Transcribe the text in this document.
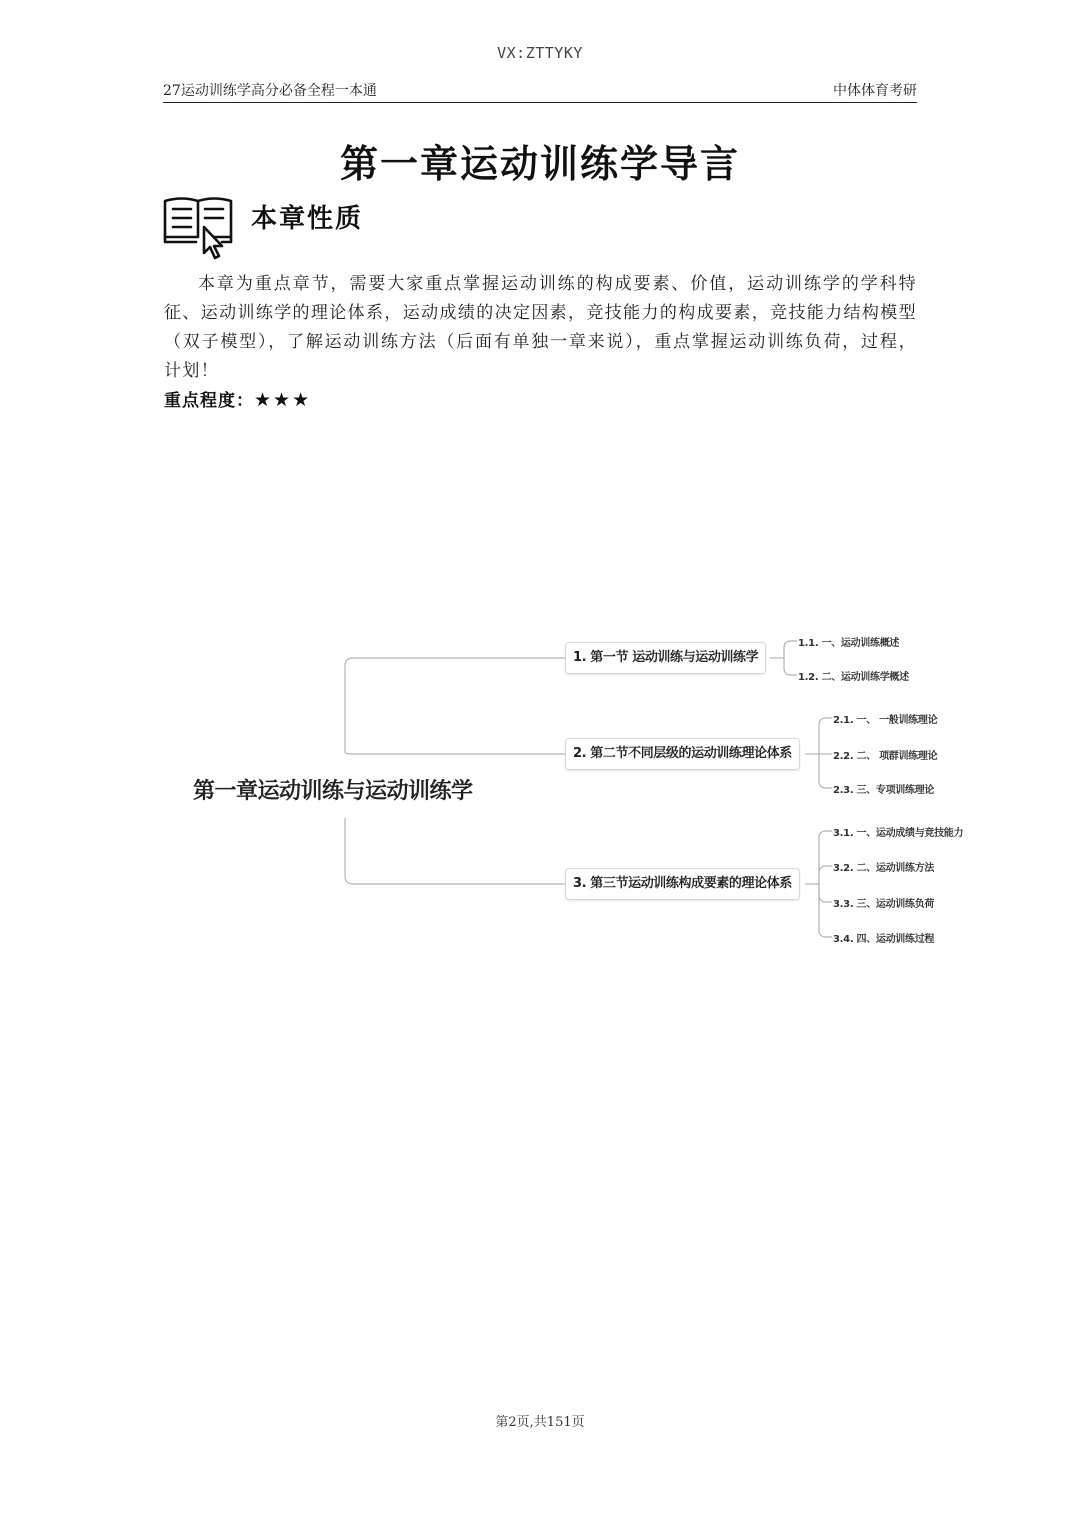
VX:ZTTYKY
27运动训练学高分必备全程一本通	中体体育考研
第一章运动训练学导言
本章性质
本章为重点章节，需要大家重点掌握运动训练的构成要素、价值，运动训练学的学科特征、运动训练学的理论体系，运动成绩的决定因素，竞技能力的构成要素，竞技能力结构模型（双子模型），了解运动训练方法（后面有单独一章来说），重点掌握运动训练负荷，过程，计划！
重点程度：★★★
第一章运动训练与运动训练学
1. 第一节 运动训练与运动训练学
2. 第二节不同层级的运动训练理论体系
3. 第三节运动训练构成要素的理论体系
1.1. 一、运动训练概述
1.2. 二、运动训练学概述
2.1. 一、 一般训练理论
2.2. 二、 项群训练理论
2.3. 三、专项训练理论
3.1. 一、运动成绩与竞技能力
3.2. 二、运动训练方法
3.3. 三、运动训练负荷
3.4. 四、运动训练过程
第2页,共151页
